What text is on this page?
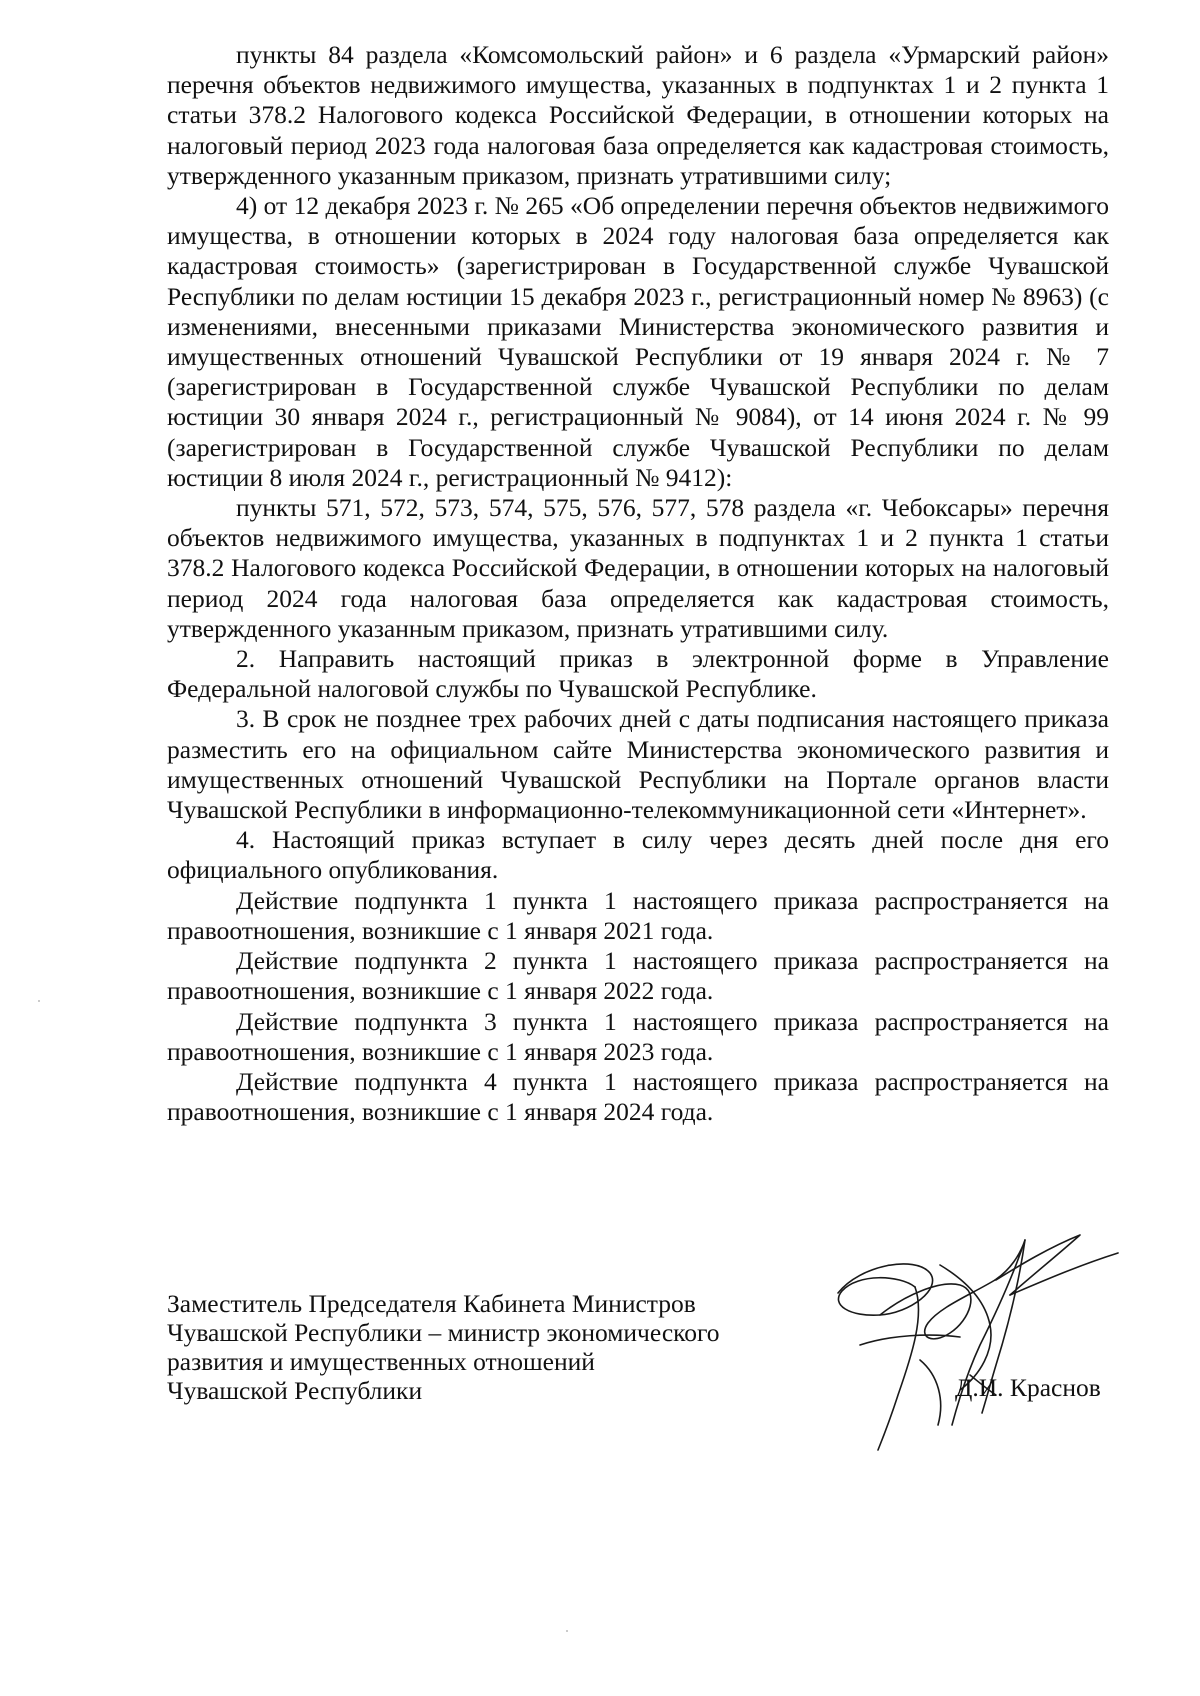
пункты 84 раздела «Комсомольский район» и 6 раздела «Урмарский район» перечня объектов недвижимого имущества, указанных в подпунктах 1 и 2 пункта 1 статьи 378.2 Налогового кодекса Российской Федерации, в отношении которых на налоговый период 2023 года налоговая база определяется как кадастровая стоимость, утвержденного указанным приказом, признать утратившими силу;

4) от 12 декабря 2023 г. № 265 «Об определении перечня объектов недвижимого имущества, в отношении которых в 2024 году налоговая база определяется как кадастровая стоимость» (зарегистрирован в Государственной службе Чувашской Республики по делам юстиции 15 декабря 2023 г., регистрационный номер № 8963) (с изменениями, внесенными приказами Министерства экономического развития и имущественных отношений Чувашской Республики от 19 января 2024 г. № 7 (зарегистрирован в Государственной службе Чувашской Республики по делам юстиции 30 января 2024 г., регистрационный № 9084), от 14 июня 2024 г. № 99 (зарегистрирован в Государственной службе Чувашской Республики по делам юстиции 8 июля 2024 г., регистрационный № 9412):

пункты 571, 572, 573, 574, 575, 576, 577, 578 раздела «г. Чебоксары» перечня объектов недвижимого имущества, указанных в подпунктах 1 и 2 пункта 1 статьи 378.2 Налогового кодекса Российской Федерации, в отношении которых на налоговый период 2024 года налоговая база определяется как кадастровая стоимость, утвержденного указанным приказом, признать утратившими силу.

2. Направить настоящий приказ в электронной форме в Управление Федеральной налоговой службы по Чувашской Республике.

3. В срок не позднее трех рабочих дней с даты подписания настоящего приказа разместить его на официальном сайте Министерства экономического развития и имущественных отношений Чувашской Республики на Портале органов власти Чувашской Республики в информационно-телекоммуникационной сети «Интернет».

4. Настоящий приказ вступает в силу через десять дней после дня его официального опубликования.

Действие подпункта 1 пункта 1 настоящего приказа распространяется на правоотношения, возникшие с 1 января 2021 года.

Действие подпункта 2 пункта 1 настоящего приказа распространяется на правоотношения, возникшие с 1 января 2022 года.

Действие подпункта 3 пункта 1 настоящего приказа распространяется на правоотношения, возникшие с 1 января 2023 года.

Действие подпункта 4 пункта 1 настоящего приказа распространяется на правоотношения, возникшие с 1 января 2024 года.

Заместитель Председателя Кабинета Министров
Чувашской Республики – министр экономического
развития и имущественных отношений
Чувашской Республики	Д.И. Краснов
